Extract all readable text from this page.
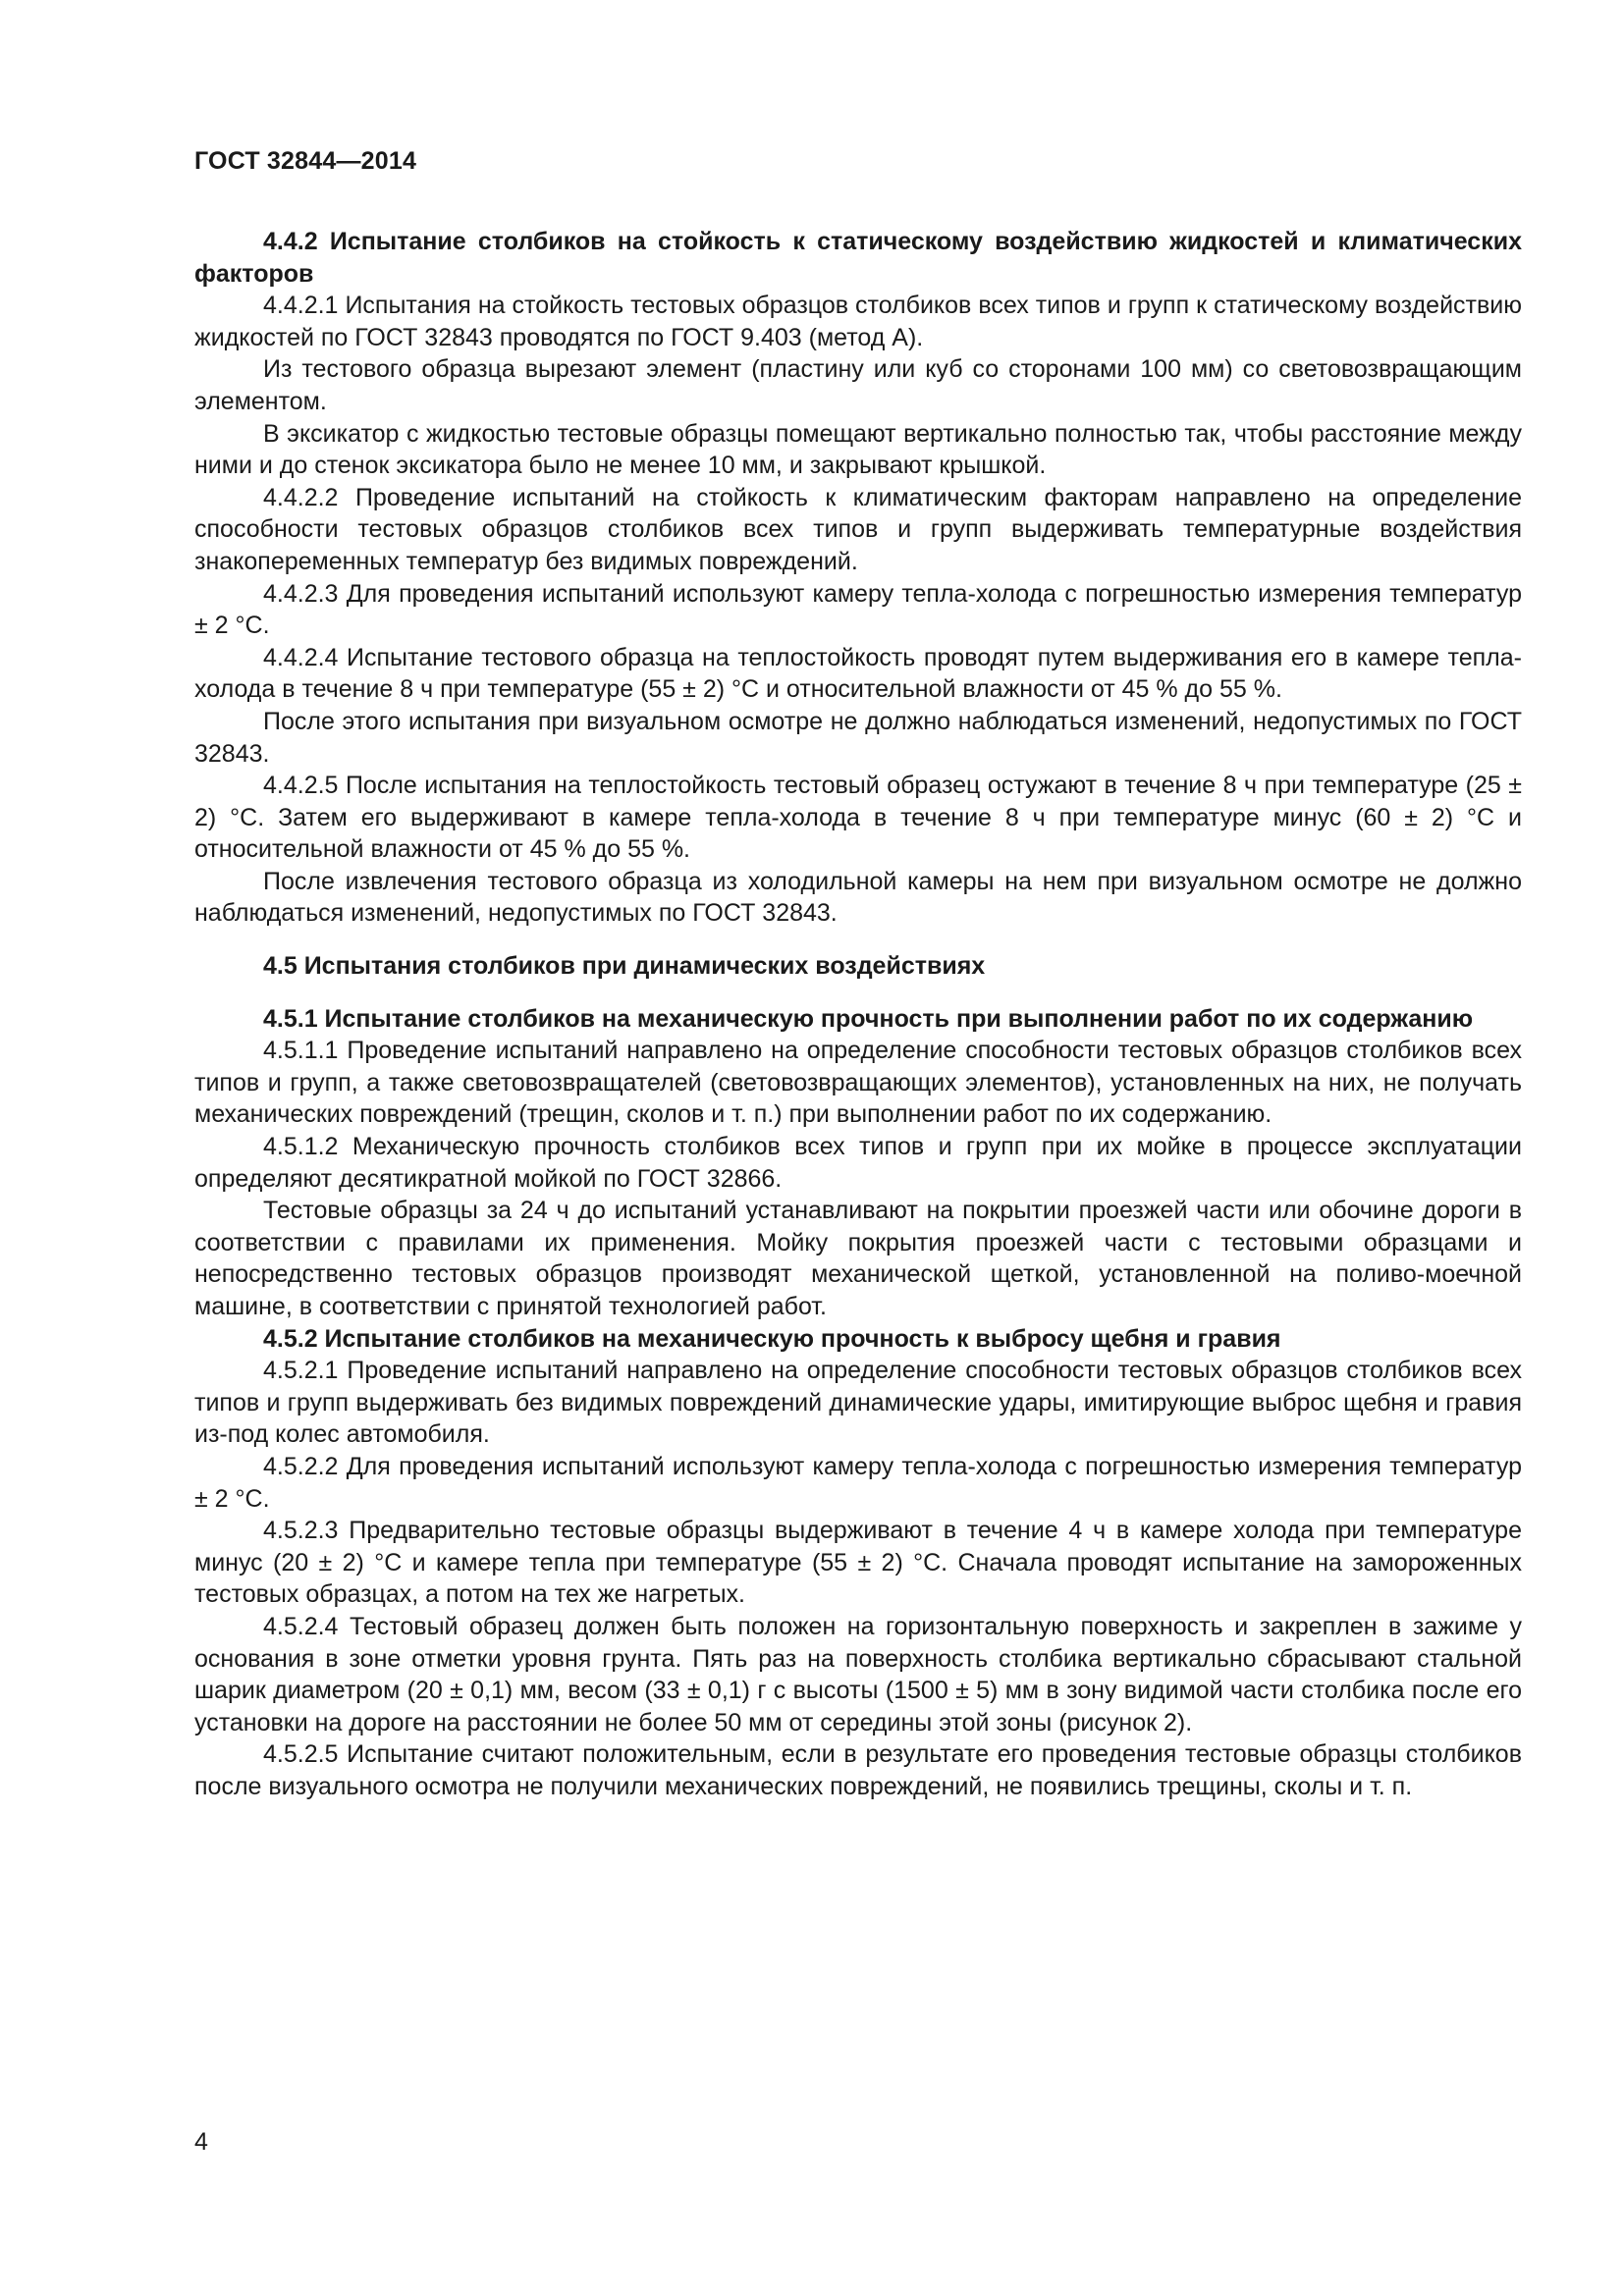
ГОСТ 32844—2014

4.4.2 Испытание столбиков на стойкость к статическому воздействию жидкостей и климатических факторов

4.4.2.1 Испытания на стойкость тестовых образцов столбиков всех типов и групп к статическому воздействию жидкостей по ГОСТ 32843 проводятся по ГОСТ 9.403 (метод А).

Из тестового образца вырезают элемент (пластину или куб со сторонами 100 мм) со световозвращающим элементом.

В эксикатор с жидкостью тестовые образцы помещают вертикально полностью так, чтобы расстояние между ними и до стенок эксикатора было не менее 10 мм, и закрывают крышкой.

4.4.2.2 Проведение испытаний на стойкость к климатическим факторам направлено на определение способности тестовых образцов столбиков всех типов и групп выдерживать температурные воздействия знакопеременных температур без видимых повреждений.

4.4.2.3 Для проведения испытаний используют камеру тепла-холода с погрешностью измерения температур ± 2 °С.

4.4.2.4 Испытание тестового образца на теплостойкость проводят путем выдерживания его в камере тепла-холода в течение 8 ч при температуре (55 ± 2) °С и относительной влажности от 45 % до 55 %.

После этого испытания при визуальном осмотре не должно наблюдаться изменений, недопустимых по ГОСТ 32843.

4.4.2.5 После испытания на теплостойкость тестовый образец остужают в течение 8 ч при температуре (25 ± 2) °С. Затем его выдерживают в камере тепла-холода в течение 8 ч при температуре минус (60 ± 2) °С и относительной влажности от 45 % до 55 %.

После извлечения тестового образца из холодильной камеры на нем при визуальном осмотре не должно наблюдаться изменений, недопустимых по ГОСТ 32843.

4.5 Испытания столбиков при динамических воздействиях

4.5.1 Испытание столбиков на механическую прочность при выполнении работ по их содержанию

4.5.1.1 Проведение испытаний направлено на определение способности тестовых образцов столбиков всех типов и групп, а также световозвращателей (световозвращающих элементов), установленных на них, не получать механических повреждений (трещин, сколов и т. п.) при выполнении работ по их содержанию.

4.5.1.2 Механическую прочность столбиков всех типов и групп при их мойке в процессе эксплуатации определяют десятикратной мойкой по ГОСТ 32866.

Тестовые образцы за 24 ч до испытаний устанавливают на покрытии проезжей части или обочине дороги в соответствии с правилами их применения. Мойку покрытия проезжей части с тестовыми образцами и непосредственно тестовых образцов производят механической щеткой, установленной на поливо-моечной машине, в соответствии с принятой технологией работ.

4.5.2 Испытание столбиков на механическую прочность к выбросу щебня и гравия

4.5.2.1 Проведение испытаний направлено на определение способности тестовых образцов столбиков всех типов и групп выдерживать без видимых повреждений динамические удары, имитирующие выброс щебня и гравия из-под колес автомобиля.

4.5.2.2 Для проведения испытаний используют камеру тепла-холода с погрешностью измерения температур ± 2 °С.

4.5.2.3 Предварительно тестовые образцы выдерживают в течение 4 ч в камере холода при температуре минус (20 ± 2) °С и камере тепла при температуре (55 ± 2) °С. Сначала проводят испытание на замороженных тестовых образцах, а потом на тех же нагретых.

4.5.2.4 Тестовый образец должен быть положен на горизонтальную поверхность и закреплен в зажиме у основания в зоне отметки уровня грунта. Пять раз на поверхность столбика вертикально сбрасывают стальной шарик диаметром (20 ± 0,1) мм, весом (33 ± 0,1) г с высоты (1500 ± 5) мм в зону видимой части столбика после его установки на дороге на расстоянии не более 50 мм от середины этой зоны (рисунок 2).

4.5.2.5 Испытание считают положительным, если в результате его проведения тестовые образцы столбиков после визуального осмотра не получили механических повреждений, не появились трещины, сколы и т. п.

4
